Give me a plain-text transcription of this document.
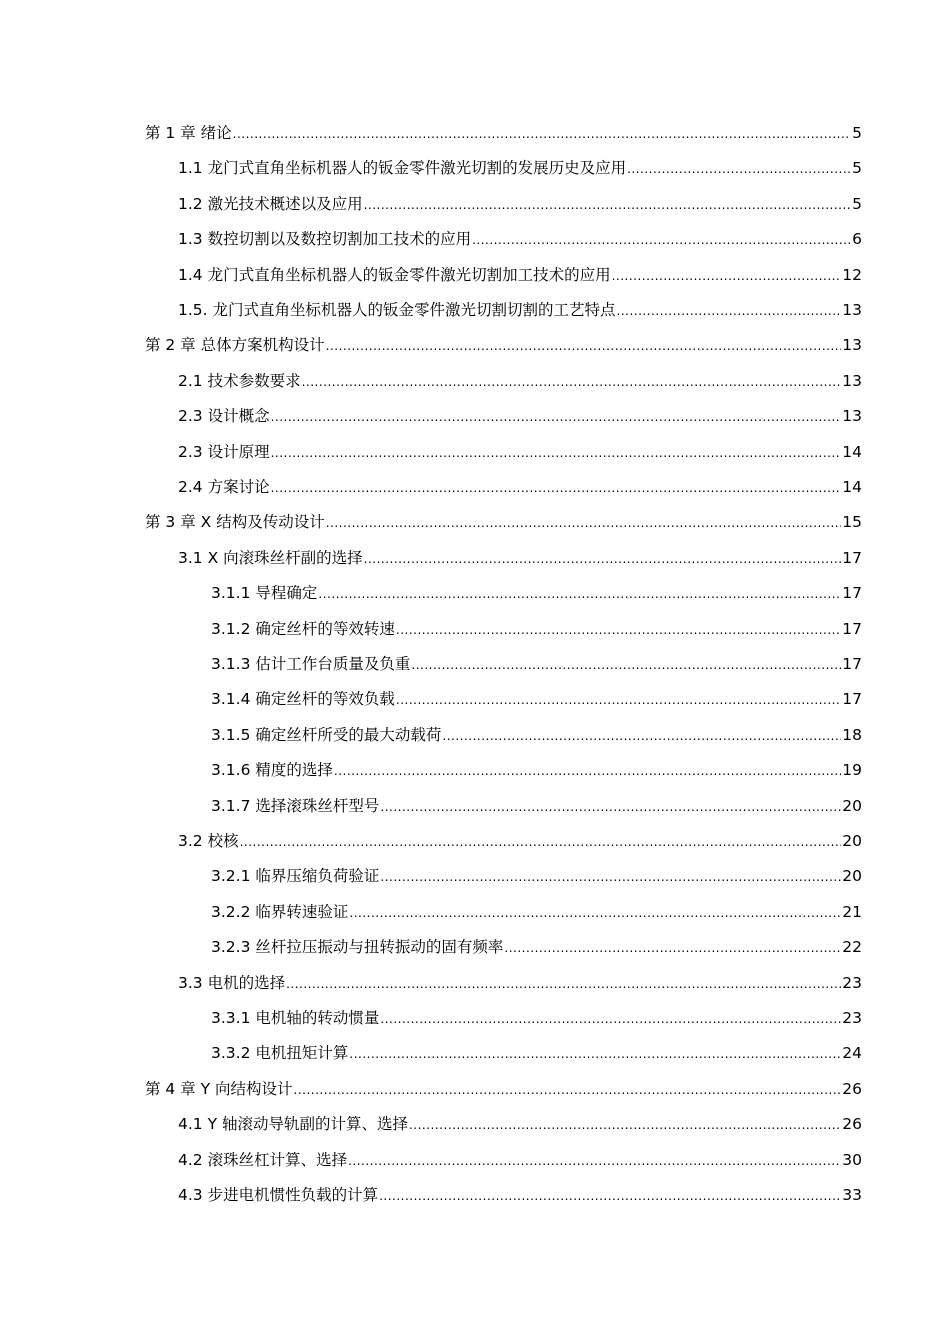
第 1 章 绪论 .....	5
1.1 龙门式直角坐标机器人的钣金零件激光切割的发展历史及应用 .....	5
1.2 激光技术概述以及应用 .....	5
1.3 数控切割以及数控切割加工技术的应用 .....	6
1.4 龙门式直角坐标机器人的钣金零件激光切割加工技术的应用 .....	12
1.5. 龙门式直角坐标机器人的钣金零件激光切割切割的工艺特点 .....	13
第 2 章 总体方案机构设计 .....	13
2.1 技术参数要求 .....	13
2.3 设计概念 .....	13
2.3 设计原理 .....	14
2.4 方案讨论 .....	14
第 3 章 X 结构及传动设计 .....	15
3.1 X 向滚珠丝杆副的选择 .....	17
3.1.1 导程确定 .....	17
3.1.2 确定丝杆的等效转速 .....	17
3.1.3 估计工作台质量及负重 .....	17
3.1.4 确定丝杆的等效负载 .....	17
3.1.5 确定丝杆所受的最大动载荷 .....	18
3.1.6 精度的选择 .....	19
3.1.7 选择滚珠丝杆型号 .....	20
3.2 校核 .....	20
3.2.1 临界压缩负荷验证 .....	20
3.2.2 临界转速验证 .....	21
3.2.3 丝杆拉压振动与扭转振动的固有频率 .....	22
3.3 电机的选择 .....	23
3.3.1 电机轴的转动惯量 .....	23
3.3.2 电机扭矩计算 .....	24
第 4 章 Y 向结构设计 .....	26
4.1 Y 轴滚动导轨副的计算、选择 .....	26
4.2 滚珠丝杠计算、选择 .....	30
4.3 步进电机惯性负载的计算 .....	33
